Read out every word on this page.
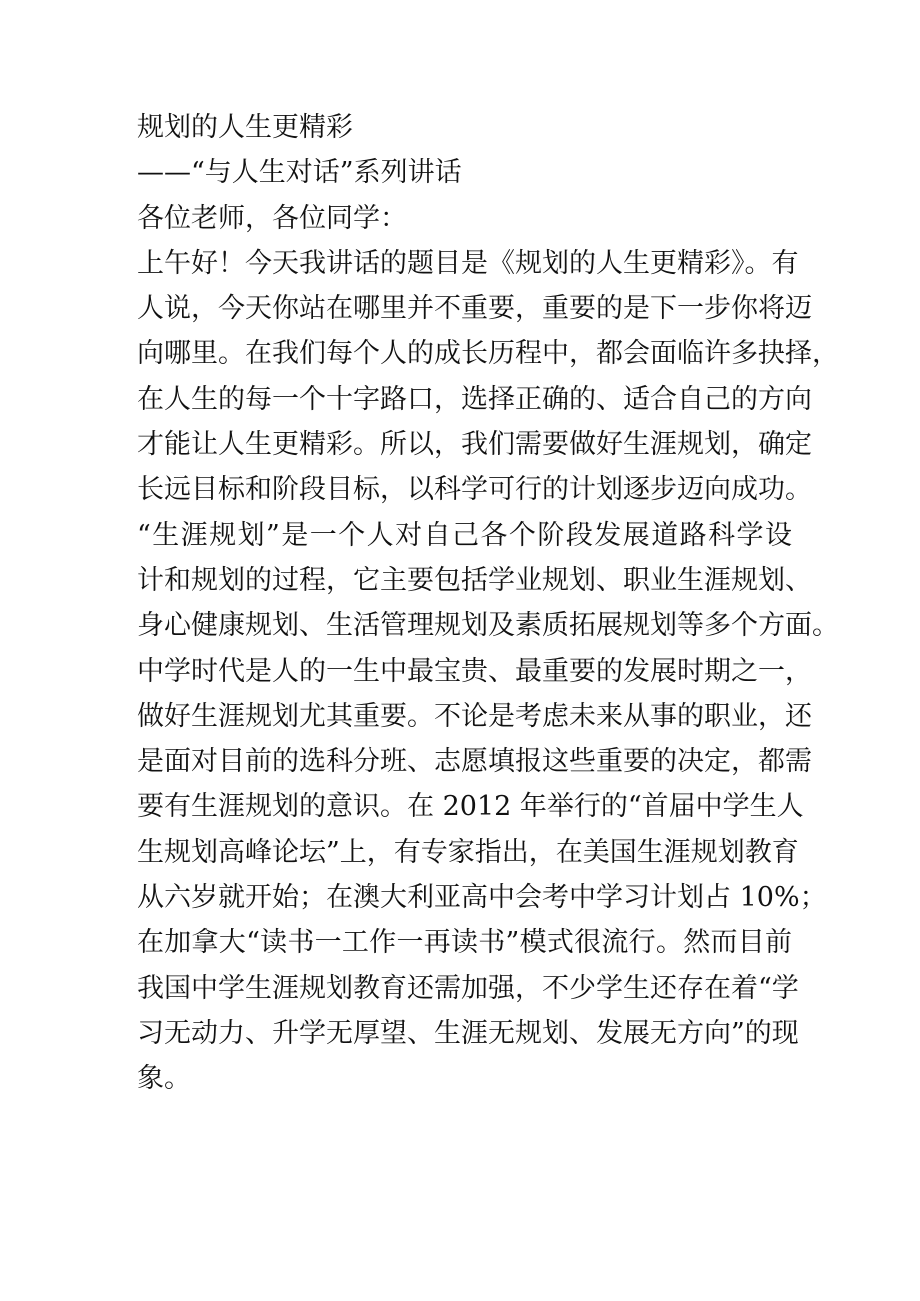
规划的人生更精彩

——“与人生对话”系列讲话

各位老师，各位同学：

上午好！今天我讲话的题目是《规划的人生更精彩》。有

人说，今天你站在哪里并不重要，重要的是下一步你将迈

向哪里。在我们每个人的成长历程中，都会面临许多抉择，

在人生的每一个十字路口，选择正确的、适合自己的方向

才能让人生更精彩。所以，我们需要做好生涯规划，确定

长远目标和阶段目标，以科学可行的计划逐步迈向成功。

“生涯规划”是一个人对自己各个阶段发展道路科学设

计和规划的过程，它主要包括学业规划、职业生涯规划、

身心健康规划、生活管理规划及素质拓展规划等多个方面。

中学时代是人的一生中最宝贵、最重要的发展时期之一，

做好生涯规划尤其重要。不论是考虑未来从事的职业，还

是面对目前的选科分班、志愿填报这些重要的决定，都需

要有生涯规划的意识。在 2012 年举行的“首届中学生人

生规划高峰论坛”上，有专家指出，在美国生涯规划教育

从六岁就开始；在澳大利亚高中会考中学习计划占 10%；

在加拿大“读书一工作一再读书”模式很流行。然而目前

我国中学生涯规划教育还需加强，不少学生还存在着“学

习无动力、升学无厚望、生涯无规划、发展无方向”的现

象。
